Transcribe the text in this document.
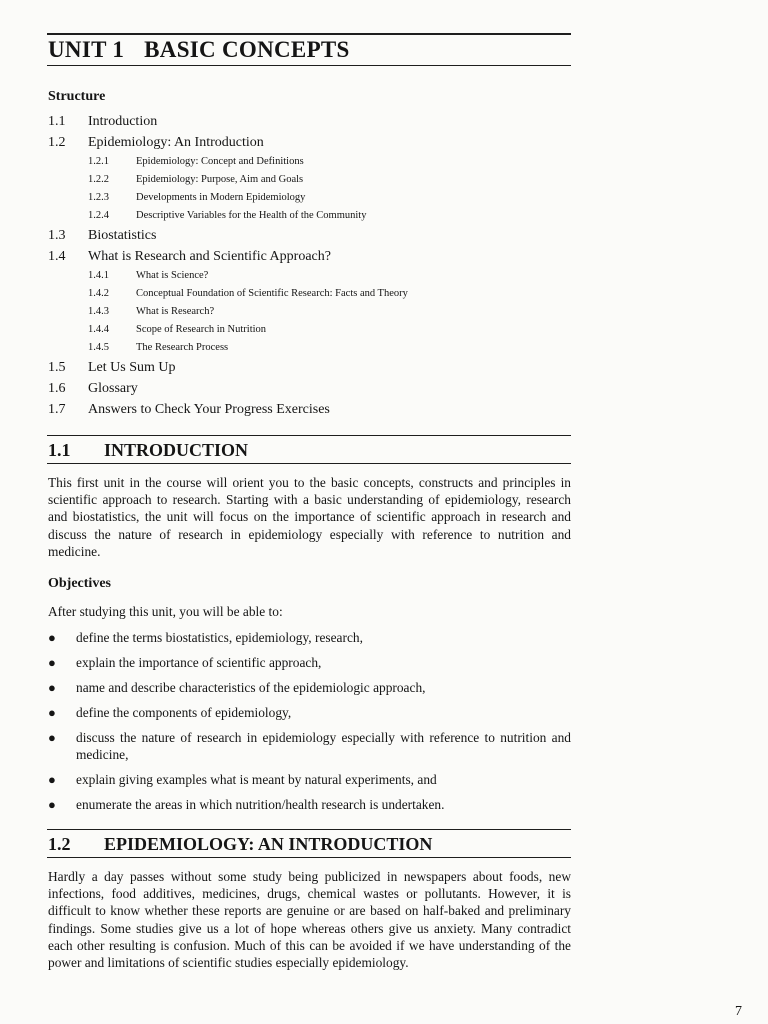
UNIT 1 BASIC CONCEPTS
Structure
1.1 Introduction
1.2 Epidemiology: An Introduction
1.2.1	Epidemiology: Concept and Definitions
1.2.2	Epidemiology: Purpose, Aim and Goals
1.2.3	Developments in Modern Epidemiology
1.2.4	Descriptive Variables for the Health of the Community
1.3 Biostatistics
1.4 What is Research and Scientific Approach?
1.4.1	What is Science?
1.4.2	Conceptual Foundation of Scientific Research: Facts and Theory
1.4.3	What is Research?
1.4.4	Scope of Research in Nutrition
1.4.5	The Research Process
1.5 Let Us Sum Up
1.6 Glossary
1.7 Answers to Check Your Progress Exercises
1.1 INTRODUCTION

This first unit in the course will orient you to the basic concepts, constructs and principles in scientific approach to research. Starting with a basic understanding of epidemiology, research and biostatistics, the unit will focus on the importance of scientific approach in research and discuss the nature of research in epidemiology especially with reference to nutrition and medicine.

Objectives
After studying this unit, you will be able to:
● define the terms biostatistics, epidemiology, research,
● explain the importance of scientific approach,
● name and describe characteristics of the epidemiologic approach,
● define the components of epidemiology,
● discuss the nature of research in epidemiology especially with reference to nutrition and medicine,
● explain giving examples what is meant by natural experiments, and
● enumerate the areas in which nutrition/health research is undertaken.
1.2 EPIDEMIOLOGY: AN INTRODUCTION

Hardly a day passes without some study being publicized in newspapers about foods, new infections, food additives, medicines, drugs, chemical wastes or pollutants. However, it is difficult to know whether these reports are genuine or are based on half-baked and preliminary findings. Some studies give us a lot of hope whereas others give us anxiety. Many contradict each other resulting is confusion. Much of this can be avoided if we have understanding of the power and limitations of scientific studies especially epidemiology.

7
